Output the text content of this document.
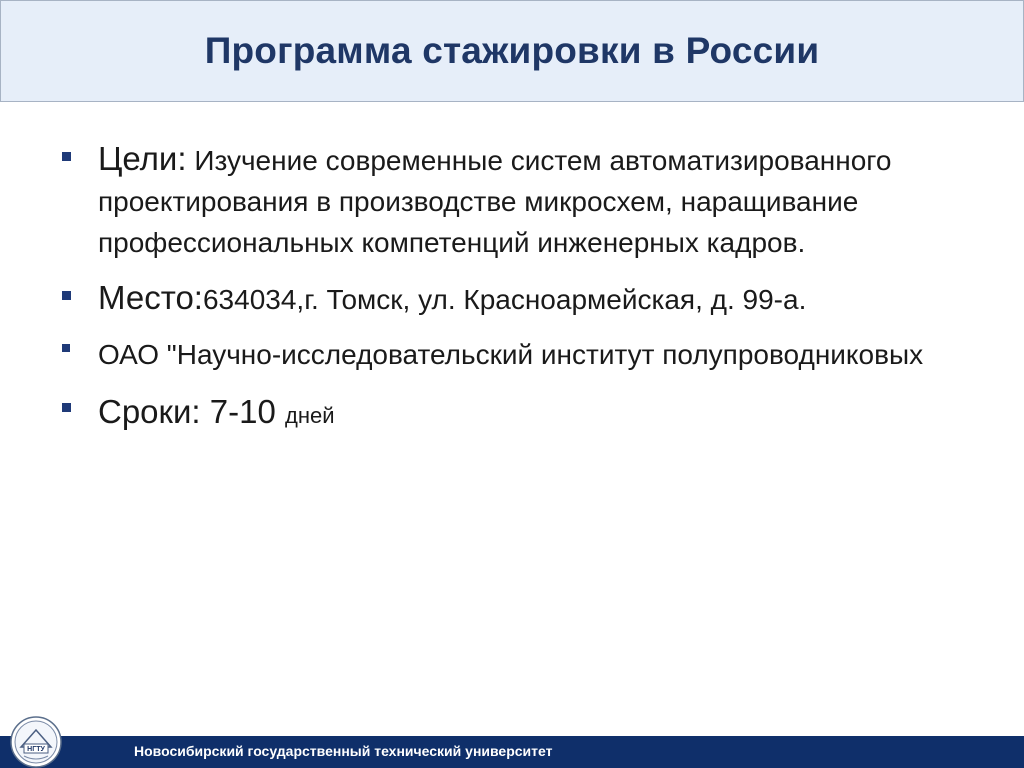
Программа стажировки в России
Цели: Изучение современные систем автоматизированного проектирования в производстве микросхем, наращивание профессиональных компетенций инженерных кадров.
Место:634034,г. Томск, ул. Красноармейская, д. 99-а.
ОАО "Научно-исследовательский институт полупроводниковых
Сроки: 7-10 дней
Новосибирский государственный технический университет
НГТУ
